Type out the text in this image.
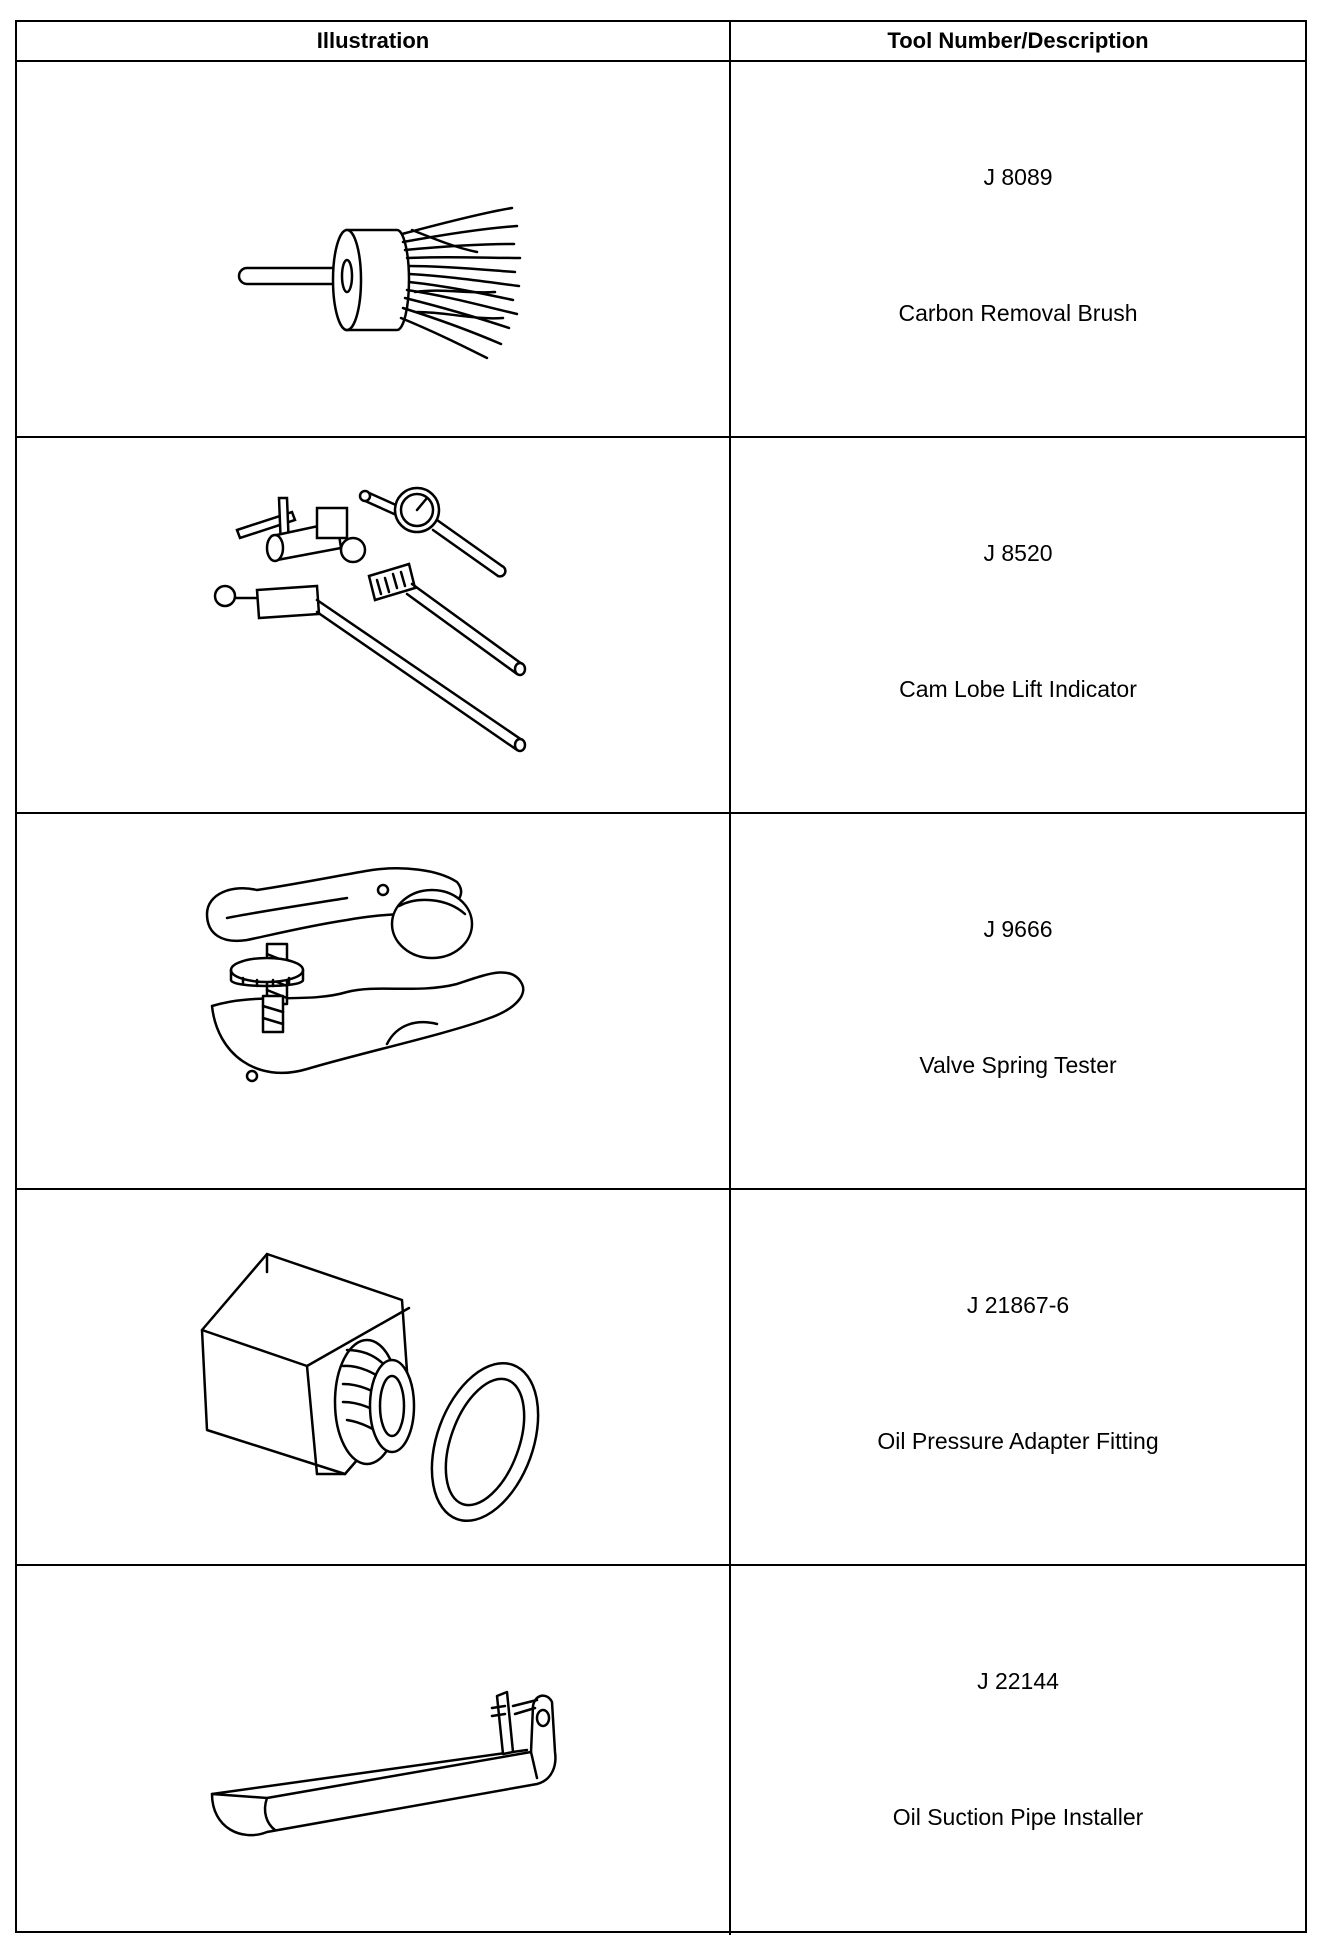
Illustration	Tool Number/Description
J 8089
Carbon Removal Brush
J 8520
Cam Lobe Lift Indicator
J 9666
Valve Spring Tester
J 21867-6
Oil Pressure Adapter Fitting
J 22144
Oil Suction Pipe Installer
